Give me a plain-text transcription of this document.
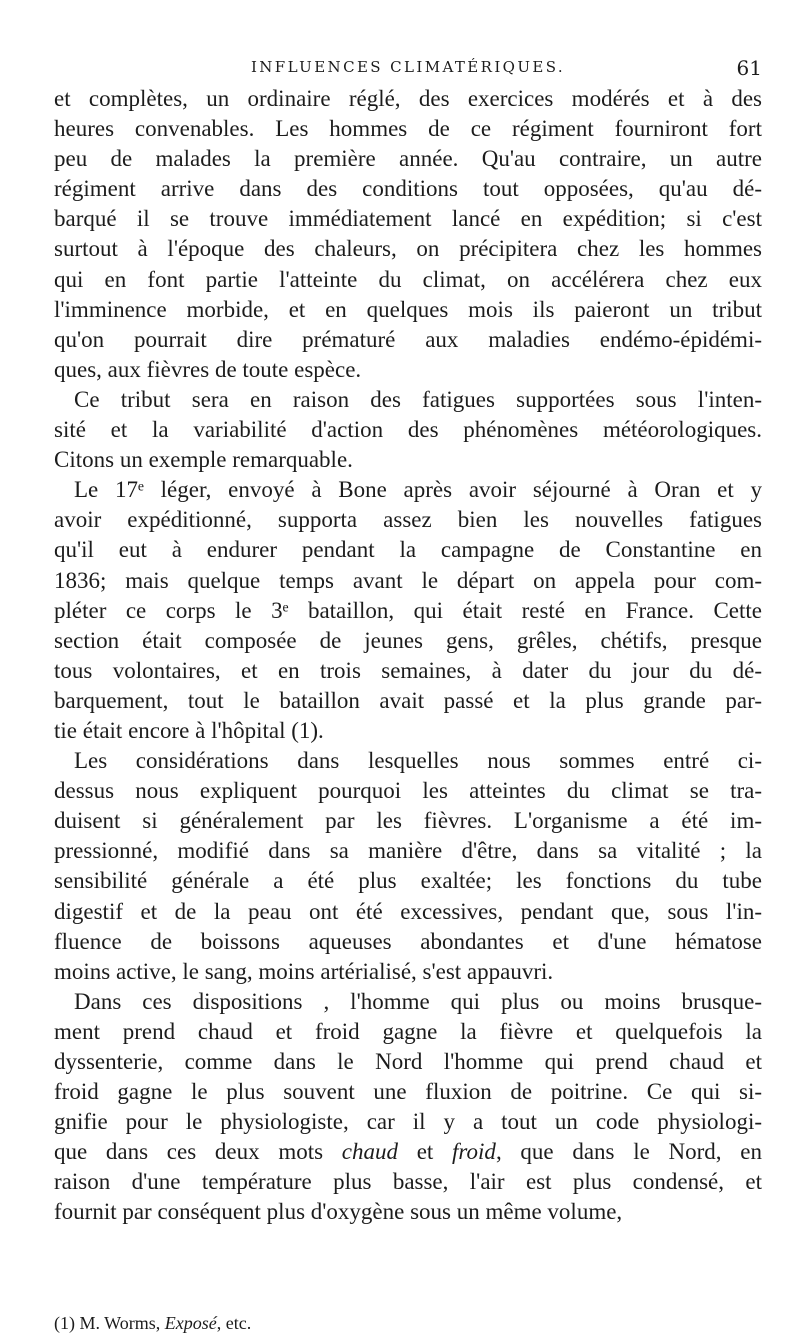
INFLUENCES CLIMATÉRIQUES.	61
et complètes, un ordinaire réglé, des exercices modérés et à des
heures convenables. Les hommes de ce régiment fourniront fort
peu de malades la première année. Qu'au contraire, un autre
régiment arrive dans des conditions tout opposées, qu'au dé-
barqué il se trouve immédiatement lancé en expédition; si c'est
surtout à l'époque des chaleurs, on précipitera chez les hommes
qui en font partie l'atteinte du climat, on accélérera chez eux
l'imminence morbide, et en quelques mois ils paieront un tribut
qu'on pourrait dire prématuré aux maladies endémo-épidémi-
ques, aux fièvres de toute espèce.
Ce tribut sera en raison des fatigues supportées sous l'inten-
sité et la variabilité d'action des phénomènes météorologiques.
Citons un exemple remarquable.
Le 17ᵉ léger, envoyé à Bone après avoir séjourné à Oran et y
avoir expéditionné, supporta assez bien les nouvelles fatigues
qu'il eut à endurer pendant la campagne de Constantine en
1836; mais quelque temps avant le départ on appela pour com-
pléter ce corps le 3ᵉ bataillon, qui était resté en France. Cette
section était composée de jeunes gens, grêles, chétifs, presque
tous volontaires, et en trois semaines, à dater du jour du dé-
barquement, tout le bataillon avait passé et la plus grande par-
tie était encore à l'hôpital (1).
Les considérations dans lesquelles nous sommes entré ci-
dessus nous expliquent pourquoi les atteintes du climat se tra-
duisent si généralement par les fièvres. L'organisme a été im-
pressionné, modifié dans sa manière d'être, dans sa vitalité ; la
sensibilité générale a été plus exaltée; les fonctions du tube
digestif et de la peau ont été excessives, pendant que, sous l'in-
fluence de boissons aqueuses abondantes et d'une hématose
moins active, le sang, moins artérialisé, s'est appauvri.
Dans ces dispositions , l'homme qui plus ou moins brusque-
ment prend chaud et froid gagne la fièvre et quelquefois la
dyssenterie, comme dans le Nord l'homme qui prend chaud et
froid gagne le plus souvent une fluxion de poitrine. Ce qui si-
gnifie pour le physiologiste, car il y a tout un code physiologi-
que dans ces deux mots chaud et froid, que dans le Nord, en
raison d'une température plus basse, l'air est plus condensé, et
fournit par conséquent plus d'oxygène sous un même volume,
(1) M. Worms, Exposé, etc.
